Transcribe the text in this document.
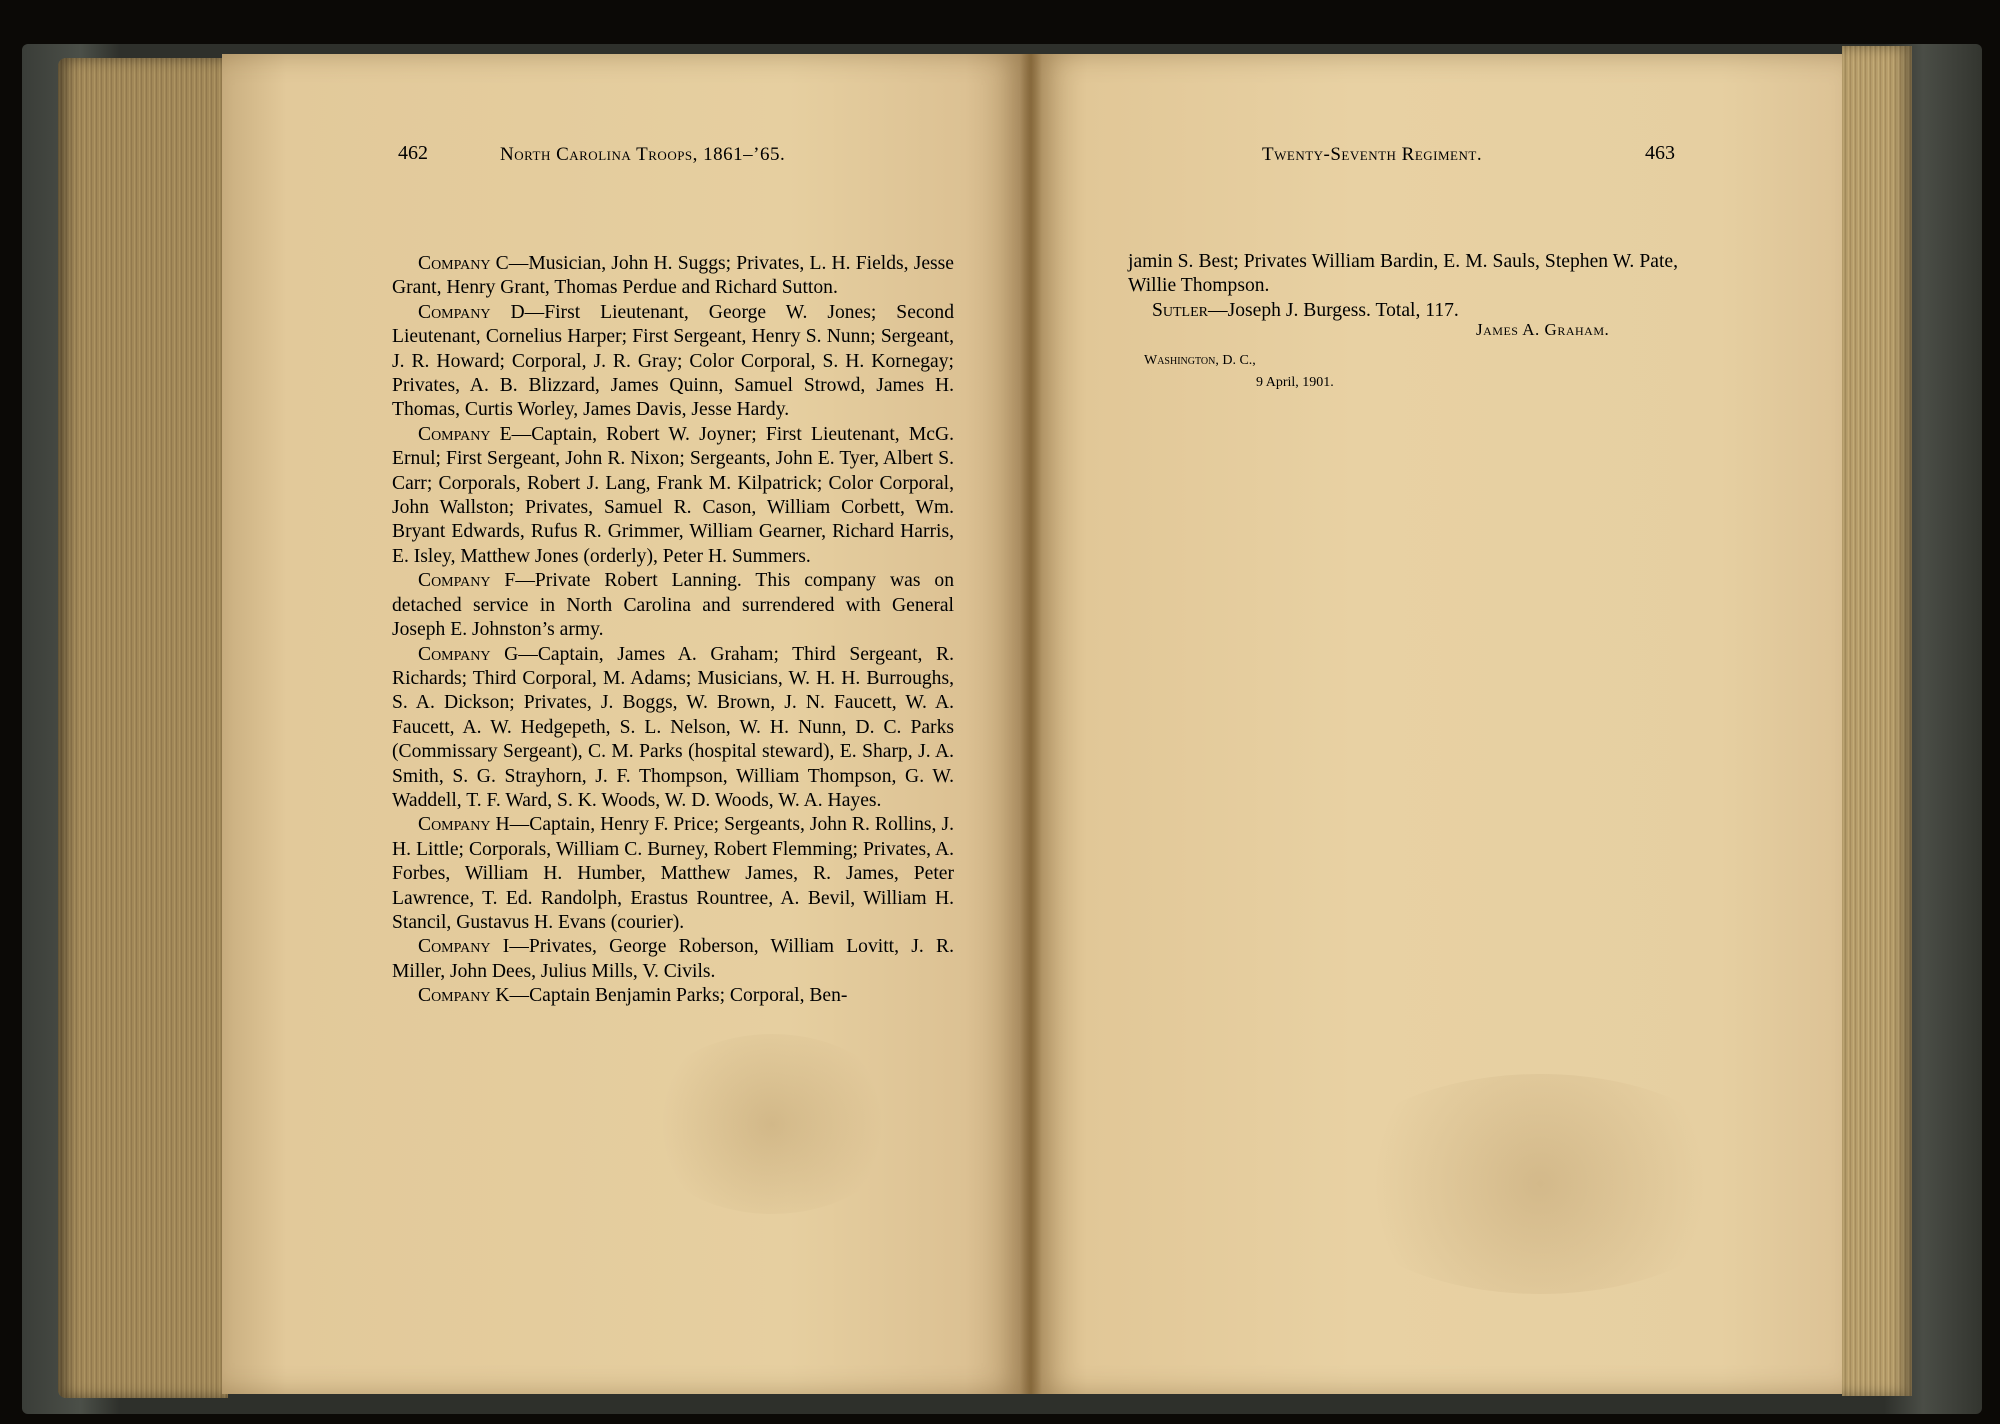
462	North Carolina Troops, 1861–’65.

Company C—Musician, John H. Suggs; Privates, L. H. Fields, Jesse Grant, Henry Grant, Thomas Perdue and Richard Sutton.

Company D—First Lieutenant, George W. Jones; Second Lieutenant, Cornelius Harper; First Sergeant, Henry S. Nunn; Sergeant, J. R. Howard; Corporal, J. R. Gray; Color Corporal, S. H. Kornegay; Privates, A. B. Blizzard, James Quinn, Samuel Strowd, James H. Thomas, Curtis Worley, James Davis, Jesse Hardy.

Company E—Captain, Robert W. Joyner; First Lieutenant, McG. Ernul; First Sergeant, John R. Nixon; Sergeants, John E. Tyer, Albert S. Carr; Corporals, Robert J. Lang, Frank M. Kilpatrick; Color Corporal, John Wallston; Privates, Samuel R. Cason, William Corbett, Wm. Bryant Edwards, Rufus R. Grimmer, William Gearner, Richard Harris, E. Isley, Matthew Jones (orderly), Peter H. Summers.

Company F—Private Robert Lanning. This company was on detached service in North Carolina and surrendered with General Joseph E. Johnston’s army.

Company G—Captain, James A. Graham; Third Sergeant, R. Richards; Third Corporal, M. Adams; Musicians, W. H. H. Burroughs, S. A. Dickson; Privates, J. Boggs, W. Brown, J. N. Faucett, W. A. Faucett, A. W. Hedgepeth, S. L. Nelson, W. H. Nunn, D. C. Parks (Commissary Sergeant), C. M. Parks (hospital steward), E. Sharp, J. A. Smith, S. G. Strayhorn, J. F. Thompson, William Thompson, G. W. Waddell, T. F. Ward, S. K. Woods, W. D. Woods, W. A. Hayes.

Company H—Captain, Henry F. Price; Sergeants, John R. Rollins, J. H. Little; Corporals, William C. Burney, Robert Flemming; Privates, A. Forbes, William H. Humber, Matthew James, R. James, Peter Lawrence, T. Ed. Randolph, Erastus Rountree, A. Bevil, William H. Stancil, Gustavus H. Evans (courier).

Company I—Privates, George Roberson, William Lovitt, J. R. Miller, John Dees, Julius Mills, V. Civils.

Company K—Captain Benjamin Parks; Corporal, Ben-

Twenty-Seventh Regiment.	463

jamin S. Best; Privates William Bardin, E. M. Sauls, Stephen W. Pate, Willie Thompson.

Sutler—Joseph J. Burgess. Total, 117.

James A. Graham.
Washington, D. C.,
9 April, 1901.
